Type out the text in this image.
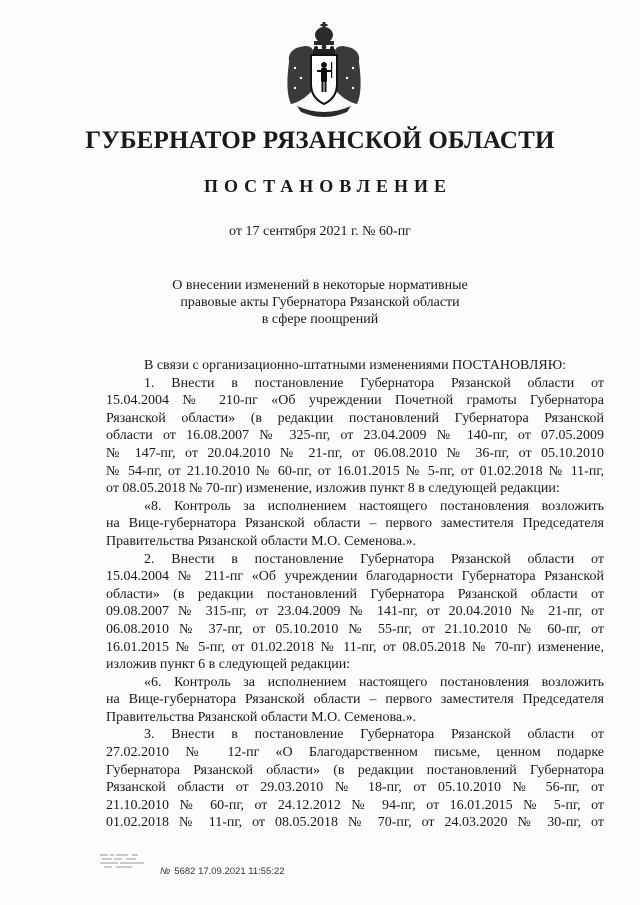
ГУБЕРНАТОР РЯЗАНСКОЙ ОБЛАСТИ
ПОСТАНОВЛЕНИЕ
от 17 сентября 2021 г. № 60-пг
О внесении изменений в некоторые нормативные
правовые акты Губернатора Рязанской области
в сфере поощрений
В связи с организационно-штатными изменениями ПОСТАНОВЛЯЮ:
1. Внести в постановление Губернатора Рязанской области от
15.04.2004 № 210-пг «Об учреждении Почетной грамоты Губернатора
Рязанской области» (в редакции постановлений Губернатора Рязанской
области от 16.08.2007 № 325-пг, от 23.04.2009 № 140-пг, от 07.05.2009
№ 147-пг, от 20.04.2010 № 21-пг, от 06.08.2010 № 36-пг, от 05.10.2010
№ 54-пг, от 21.10.2010 № 60-пг, от 16.01.2015 № 5-пг, от 01.02.2018 № 11-пг,
от 08.05.2018 № 70-пг) изменение, изложив пункт 8 в следующей редакции:
«8. Контроль за исполнением настоящего постановления возложить
на Вице-губернатора Рязанской области – первого заместителя Председателя
Правительства Рязанской области М.О. Семенова.».
2. Внести в постановление Губернатора Рязанской области от
15.04.2004 № 211-пг «Об учреждении благодарности Губернатора Рязанской
области» (в редакции постановлений Губернатора Рязанской области от
09.08.2007 № 315-пг, от 23.04.2009 № 141-пг, от 20.04.2010 № 21-пг, от
06.08.2010 № 37-пг, от 05.10.2010 № 55-пг, от 21.10.2010 № 60-пг, от
16.01.2015 № 5-пг, от 01.02.2018 № 11-пг, от 08.05.2018 № 70-пг) изменение,
изложив пункт 6 в следующей редакции:
«6. Контроль за исполнением настоящего постановления возложить
на Вице-губернатора Рязанской области – первого заместителя Председателя
Правительства Рязанской области М.О. Семенова.».
3. Внести в постановление Губернатора Рязанской области от
27.02.2010 № 12-пг «О Благодарственном письме, ценном подарке
Губернатора Рязанской области» (в редакции постановлений Губернатора
Рязанской области от 29.03.2010 № 18-пг, от 05.10.2010 № 56-пг, от
21.10.2010 № 60-пг, от 24.12.2012 № 94-пг, от 16.01.2015 № 5-пг, от
01.02.2018 № 11-пг, от 08.05.2018 № 70-пг, от 24.03.2020 № 30-пг, от
№ 5682 17.09.2021 11:55:22
